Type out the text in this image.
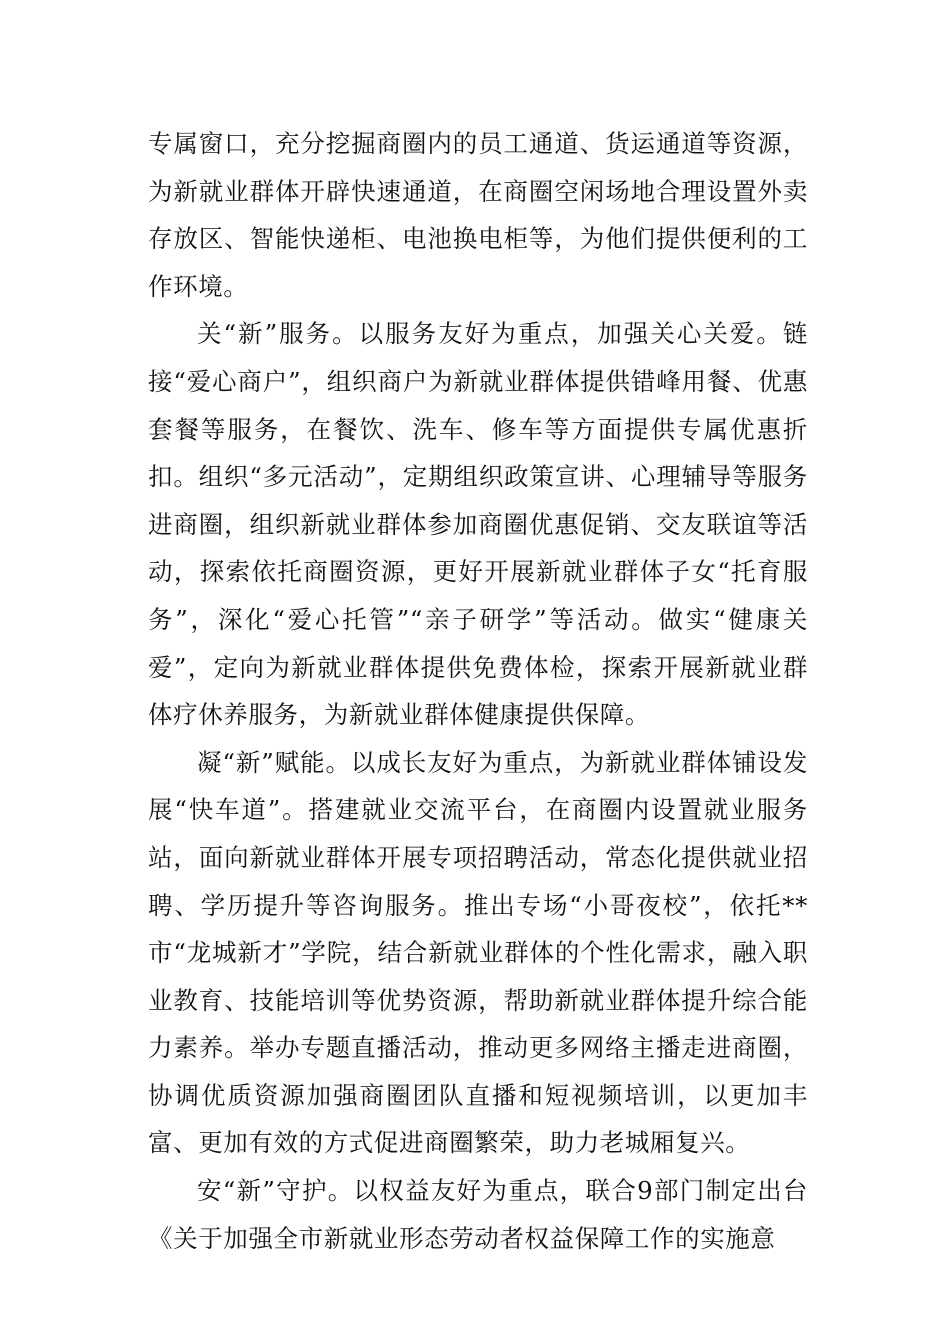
专属窗口，充分挖掘商圈内的员工通道、货运通道等资源，为新就业群体开辟快速通道，在商圈空闲场地合理设置外卖存放区、智能快递柜、电池换电柜等，为他们提供便利的工作环境。

关“新”服务。以服务友好为重点，加强关心关爱。链接“爱心商户”，组织商户为新就业群体提供错峰用餐、优惠套餐等服务，在餐饮、洗车、修车等方面提供专属优惠折扣。组织“多元活动”，定期组织政策宣讲、心理辅导等服务进商圈，组织新就业群体参加商圈优惠促销、交友联谊等活动，探索依托商圈资源，更好开展新就业群体子女“托育服务”，深化“爱心托管”“亲子研学”等活动。做实“健康关爱”，定向为新就业群体提供免费体检，探索开展新就业群体疗休养服务，为新就业群体健康提供保障。

凝“新”赋能。以成长友好为重点，为新就业群体铺设发展“快车道”。搭建就业交流平台，在商圈内设置就业服务站，面向新就业群体开展专项招聘活动，常态化提供就业招聘、学历提升等咨询服务。推出专场“小哥夜校”，依托**市“龙城新才”学院，结合新就业群体的个性化需求，融入职业教育、技能培训等优势资源，帮助新就业群体提升综合能力素养。举办专题直播活动，推动更多网络主播走进商圈，协调优质资源加强商圈团队直播和短视频培训，以更加丰富、更加有效的方式促进商圈繁荣，助力老城厢复兴。

安“新”守护。以权益友好为重点，联合9部门制定出台《关于加强全市新就业形态劳动者权益保障工作的实施意
